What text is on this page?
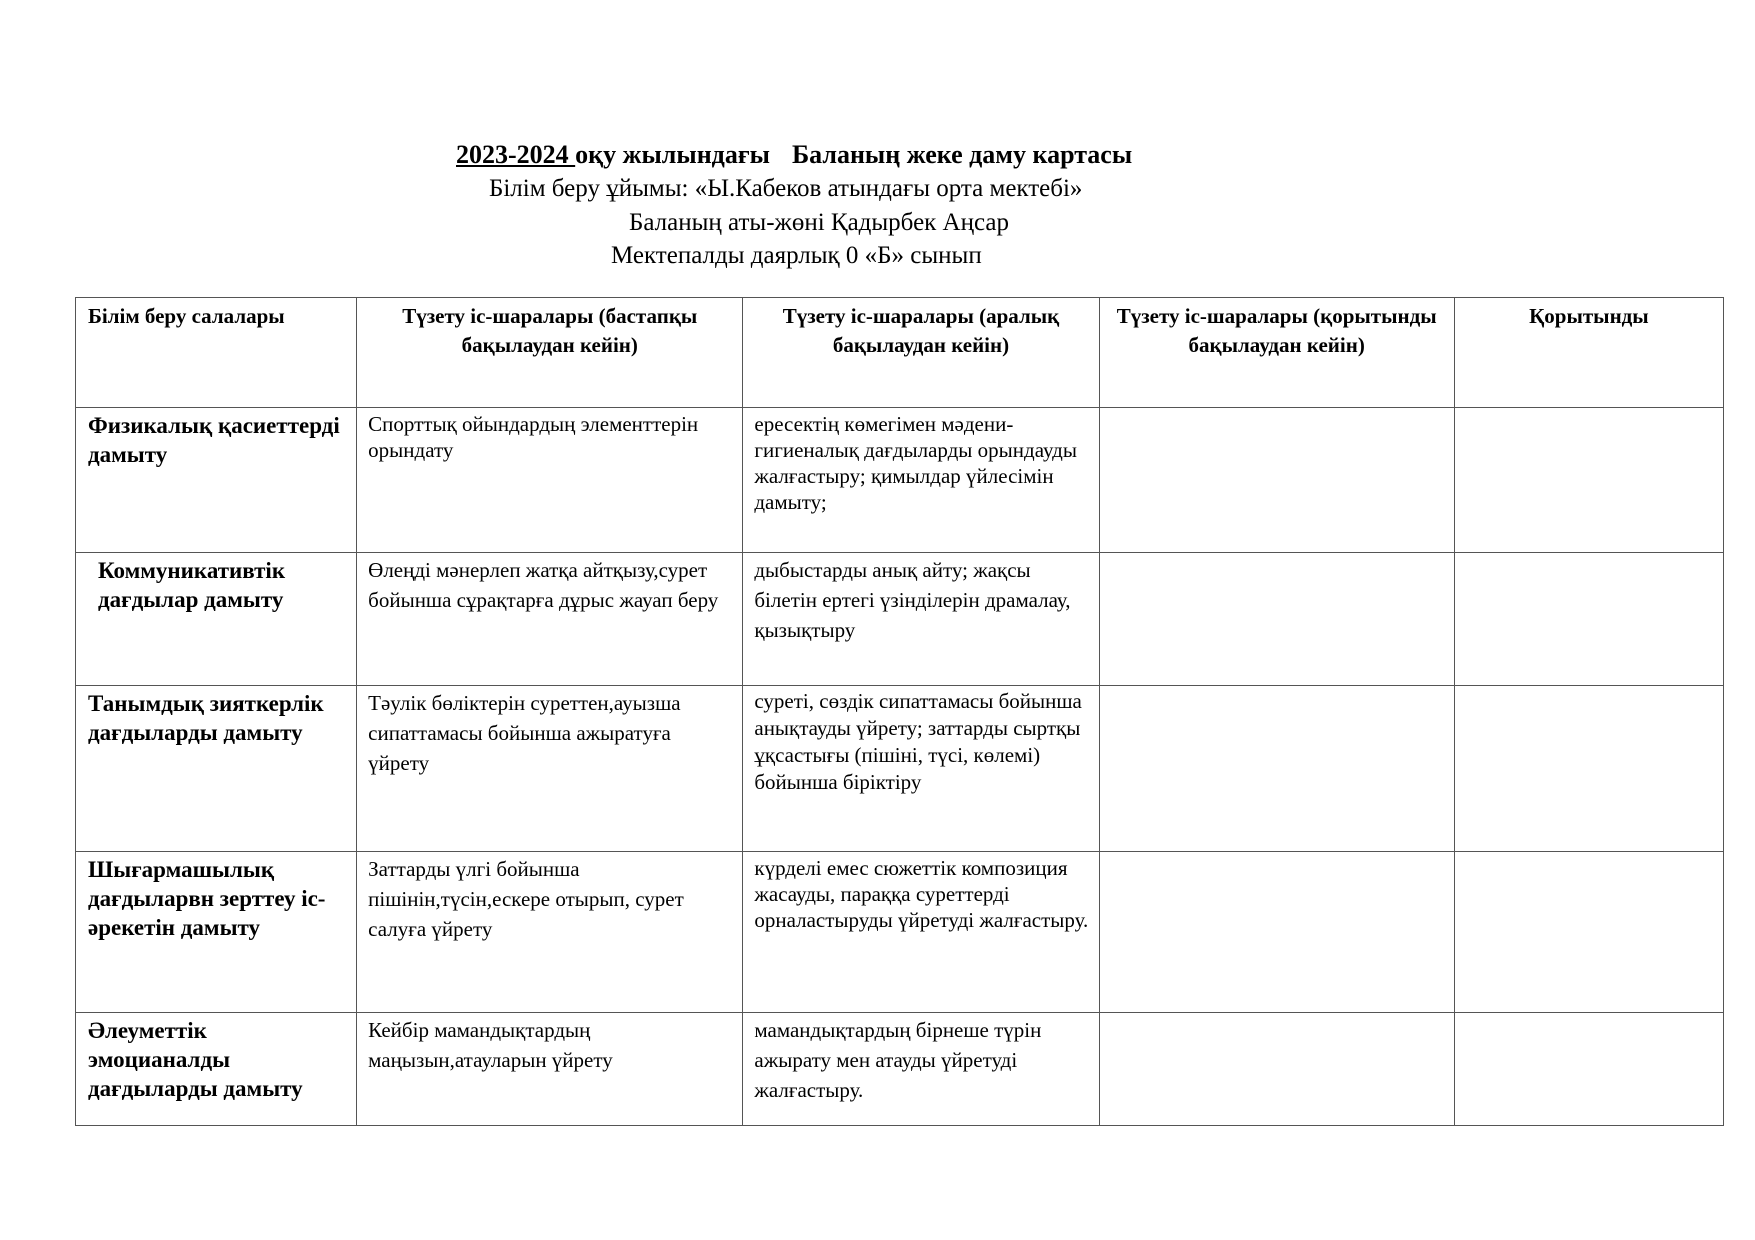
2023-2024 оқу жылындағы Баланың жеке даму картасы
Білім беру ұйымы: «Ы.Кабеков атындағы орта мектебі»
Баланың аты-жөні Қадырбек Аңсар
Мектепалды даярлық 0 «Б» сынып
Білім беру салалары	Түзету іс-шаралары (бастапқы бақылаудан кейін)	Түзету іс-шаралары (аралық бақылаудан кейін)	Түзету іс-шаралары (қорытынды бақылаудан кейін)	Қорытынды

Физикалық қасиеттерді дамыту	Спорттық ойындардың элементтерін орындату	ересектің көмегімен мәдени-гигиеналық дағдыларды орындауды жалғастыру; қимылдар үйлесімін дамыту;		

Коммуникативтік дағдылар дамыту	Өлеңді мәнерлеп жатқа айтқызу,сурет бойынша сұрақтарға дұрыс жауап беру	дыбыстарды анық айту; жақсы білетін ертегі үзінділерін драмалау, қызықтыру		

Танымдық зияткерлік дағдыларды дамыту	Тәулік бөліктерін суреттен,ауызша сипаттамасы бойынша ажыратуға үйрету	суреті, сөздік сипаттамасы бойынша анықтауды үйрету; заттарды сыртқы ұқсастығы (пішіні, түсі, көлемі) бойынша біріктіру		

Шығармашылық дағдыларвн зерттеу іс-әрекетін дамыту	Заттарды үлгі бойынша пішінін,түсін,ескере отырып, сурет салуға үйрету	күрделі емес сюжеттік композиция жасауды, параққа суреттерді орналастыруды үйретуді жалғастыру.		

Әлеуметтік эмоцианалды дағдыларды дамыту	Кейбір мамандықтардың маңызын,атауларын үйрету	мамандықтардың бірнеше түрін ажырату мен атауды үйретуді жалғастыру.		
